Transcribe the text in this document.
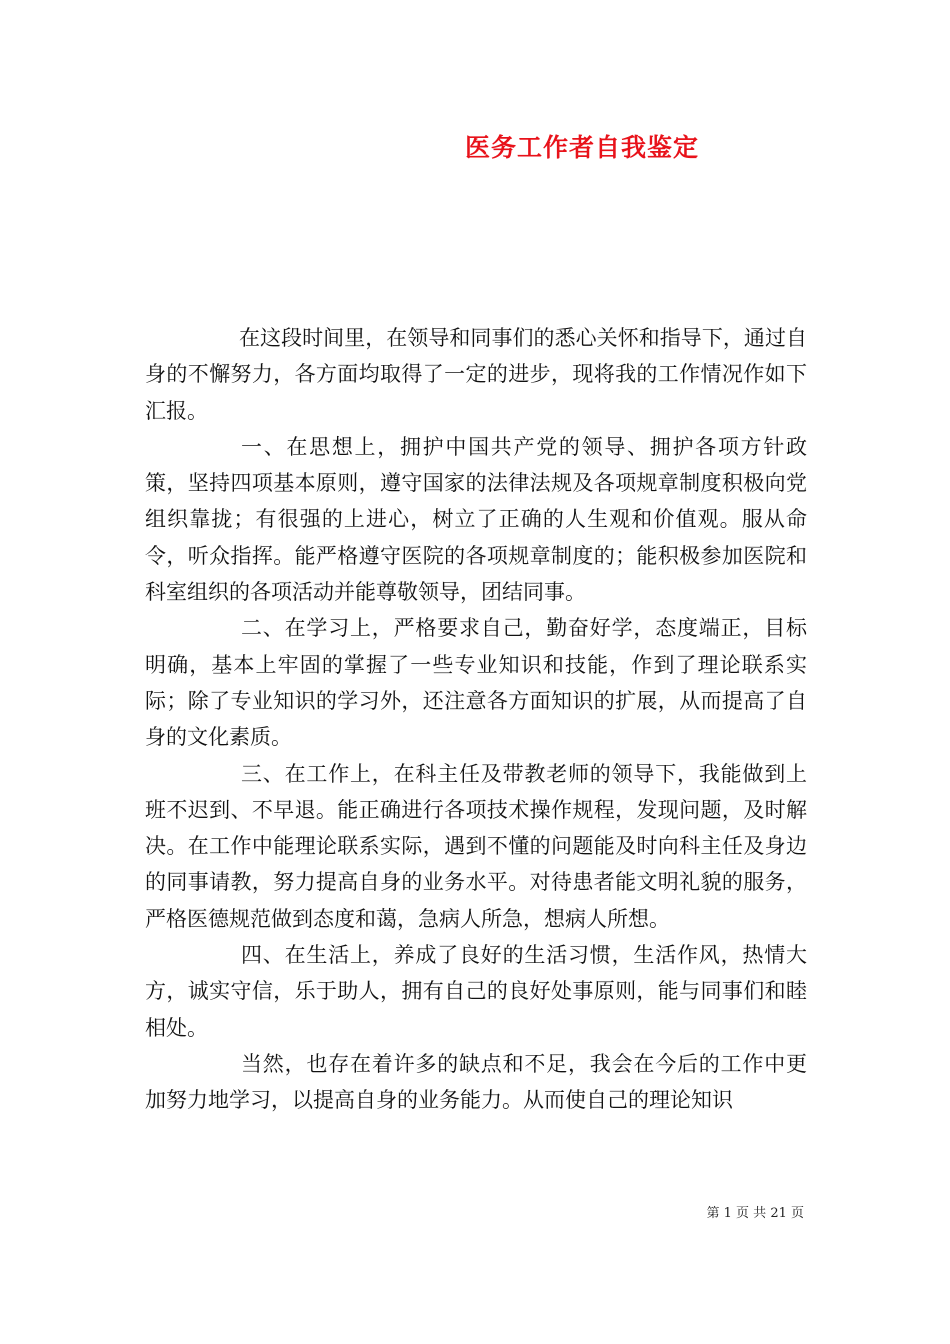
医务工作者自我鉴定

在这段时间里，在领导和同事们的悉心关怀和指导下，通过自身的不懈努力，各方面均取得了一定的进步，现将我的工作情况作如下汇报。

一、在思想上，拥护中国共产党的领导、拥护各项方针政策，坚持四项基本原则，遵守国家的法律法规及各项规章制度积极向党组织靠拢；有很强的上进心，树立了正确的人生观和价值观。服从命令，听众指挥。能严格遵守医院的各项规章制度的；能积极参加医院和科室组织的各项活动并能尊敬领导，团结同事。

二、在学习上，严格要求自己，勤奋好学，态度端正，目标明确，基本上牢固的掌握了一些专业知识和技能，作到了理论联系实际；除了专业知识的学习外，还注意各方面知识的扩展，从而提高了自身的文化素质。

三、在工作上，在科主任及带教老师的领导下，我能做到上班不迟到、不早退。能正确进行各项技术操作规程，发现问题，及时解决。在工作中能理论联系实际，遇到不懂的问题能及时向科主任及身边的同事请教，努力提高自身的业务水平。对待患者能文明礼貌的服务，严格医德规范做到态度和蔼，急病人所急，想病人所想。

四、在生活上，养成了良好的生活习惯，生活作风，热情大方，诚实守信，乐于助人，拥有自己的良好处事原则，能与同事们和睦相处。

当然，也存在着许多的缺点和不足，我会在今后的工作中更加努力地学习，以提高自身的业务能力。从而使自己的理论知识

第 1 页 共 21 页
